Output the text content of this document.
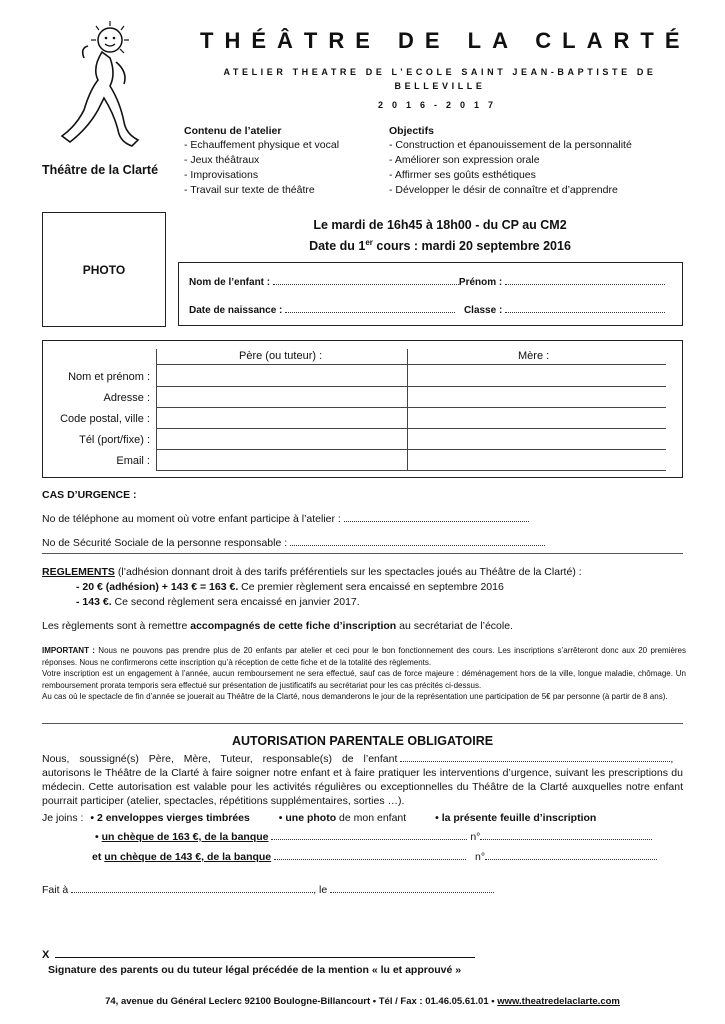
Théâtre de la Clarté
THÉÂTRE DE LA CLARTÉ
ATELIER THEATRE DE L’ECOLE SAINT JEAN-BAPTISTE DE BELLEVILLE
2016-2017
Contenu de l’atelier
- Echauffement physique et vocal
- Jeux théâtraux
- Improvisations
- Travail sur texte de théâtre
Objectifs
- Construction et épanouissement de la personnalité
- Améliorer son expression orale
- Affirmer ses goûts esthétiques
- Développer le désir de connaître et d’apprendre
PHOTO
Le mardi de 16h45 à 18h00 - du CP au CM2
Date du 1er cours : mardi 20 septembre 2016
Nom de l’enfant :	Prénom :
Date de naissance :	Classe :
Père (ou tuteur) :	Mère :
Nom et prénom :
Adresse :
Code postal, ville :
Tél (port/fixe) :
Email :
CAS D’URGENCE :
No de téléphone au moment où votre enfant participe à l’atelier :
No de Sécurité Sociale de la personne responsable :
REGLEMENTS (l’adhésion donnant droit à des tarifs préférentiels sur les spectacles joués au Théâtre de la Clarté) :
- 20 € (adhésion) + 143 € = 163 €. Ce premier règlement sera encaissé en septembre 2016
- 143 €. Ce second règlement sera encaissé en janvier 2017.
Les règlements sont à remettre accompagnés de cette fiche d’inscription au secrétariat de l’école.
IMPORTANT : Nous ne pouvons pas prendre plus de 20 enfants par atelier et ceci pour le bon fonctionnement des cours. Les inscriptions s’arrêteront donc aux 20 premières réponses. Nous ne confirmerons cette inscription qu’à réception de cette fiche et de la totalité des règlements.
Votre inscription est un engagement à l’année, aucun remboursement ne sera effectué, sauf cas de force majeure : déménagement hors de la ville, longue maladie, chômage. Un remboursement prorata temporis sera effectué sur présentation de justificatifs au secrétariat pour les cas précités ci-dessus.
Au cas où le spectacle de fin d’année se jouerait au Théâtre de la Clarté, nous demanderons le jour de la représentation une participation de 5€ par personne (à partir de 8 ans).
AUTORISATION PARENTALE OBLIGATOIRE
Nous, soussigné(s) Père, Mère, Tuteur, responsable(s) de l’enfant	,
autorisons le Théâtre de la Clarté à faire soigner notre enfant et à faire pratiquer les interventions d’urgence, suivant les prescriptions du médecin. Cette autorisation est valable pour les activités régulières ou exceptionnelles du Théâtre de la Clarté auxquelles notre enfant pourrait participer (atelier, spectacles, répétitions supplémentaires, sorties …).
Je joins : • 2 enveloppes vierges timbrées	• une photo de mon enfant	• la présente feuille d’inscription
• un chèque de 163 €, de la banque	n°
et un chèque de 143 €, de la banque	n°
Fait à	, le
X
Signature des parents ou du tuteur légal précédée de la mention « lu et approuvé »
74, avenue du Général Leclerc 92100 Boulogne-Billancourt • Tél / Fax : 01.46.05.61.01 • www.theatredelaclarte.com
